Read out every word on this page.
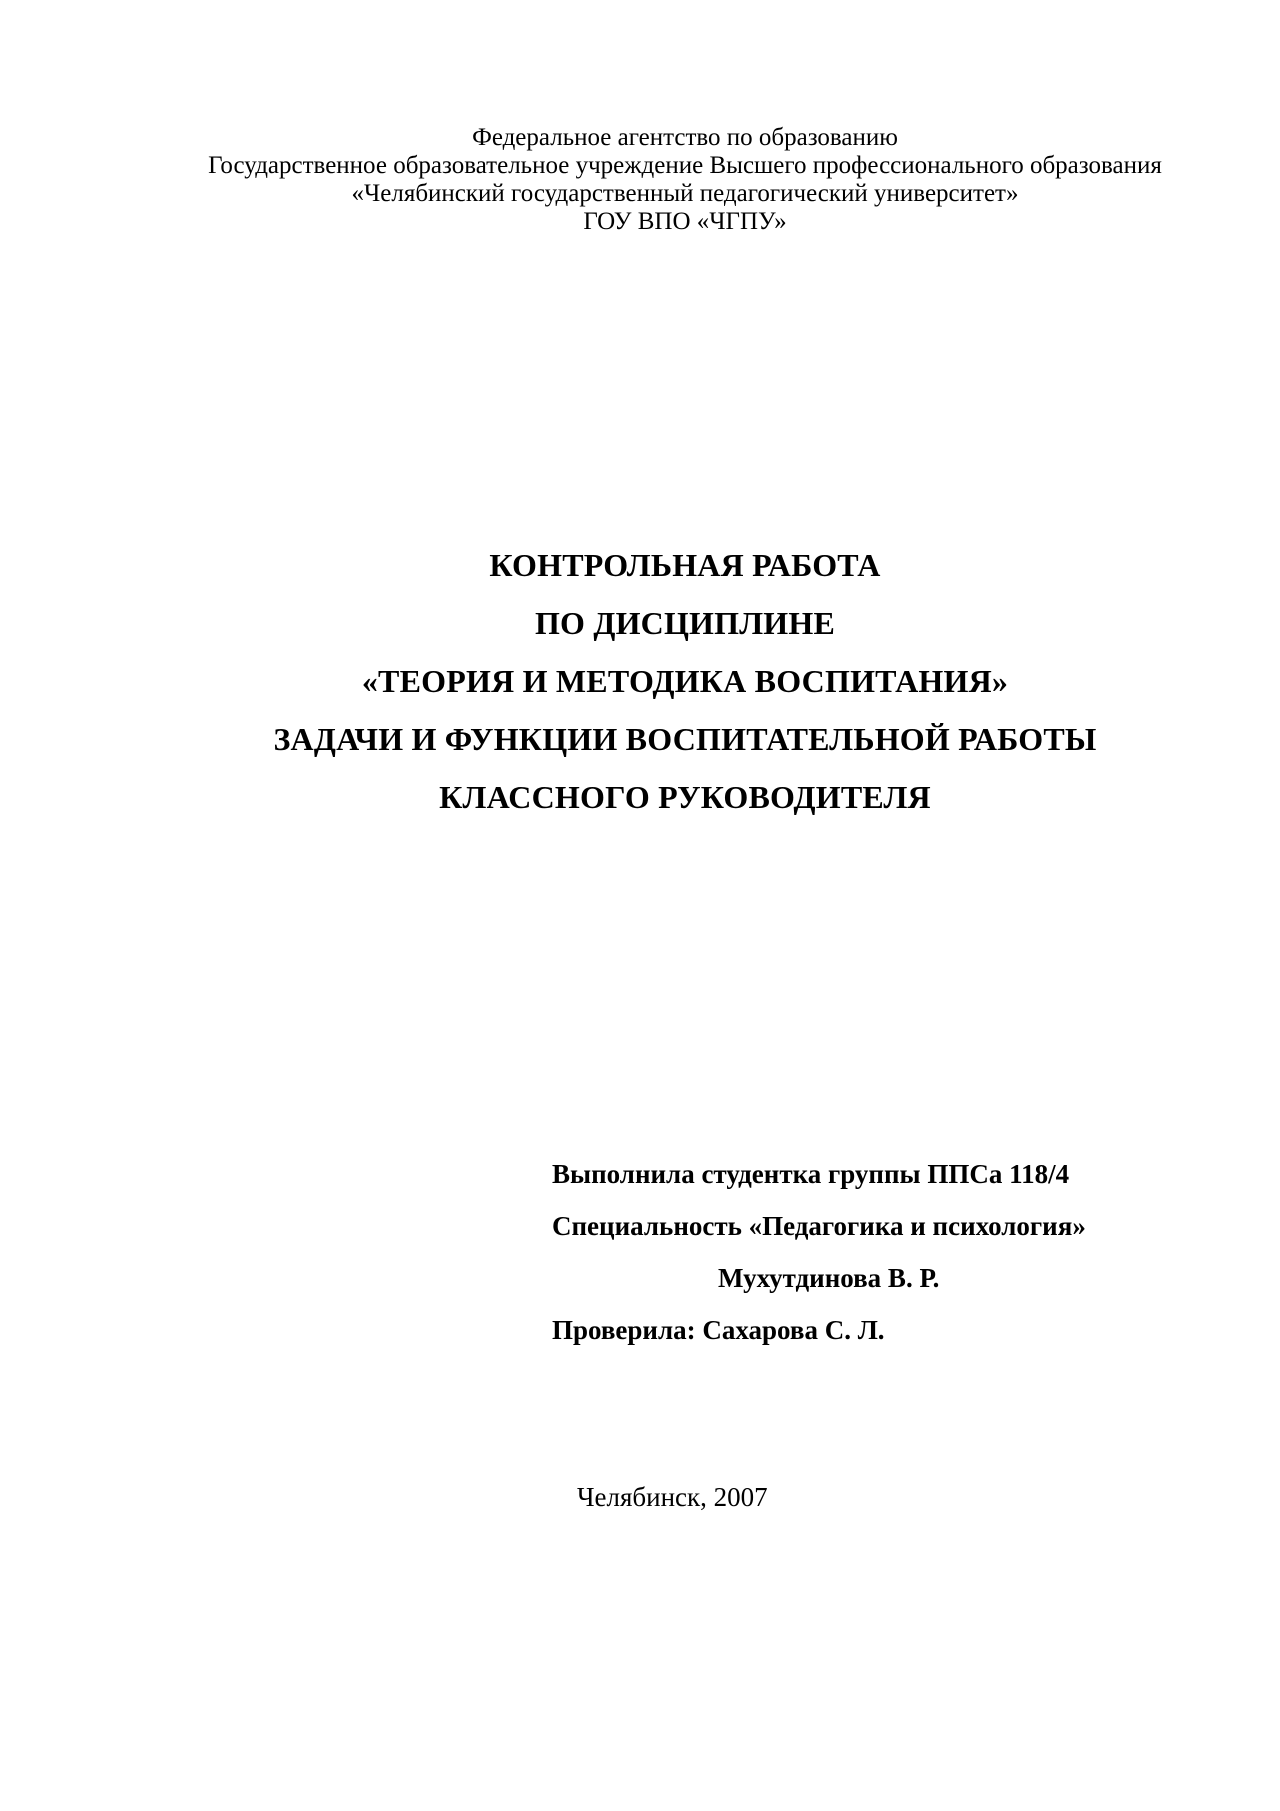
Федеральное агентство по образованию
Государственное образовательное учреждение Высшего профессионального образования
«Челябинский государственный педагогический университет»
ГОУ ВПО «ЧГПУ»
КОНТРОЛЬНАЯ РАБОТА
ПО ДИСЦИПЛИНЕ
«ТЕОРИЯ И МЕТОДИКА ВОСПИТАНИЯ»
ЗАДАЧИ И ФУНКЦИИ ВОСПИТАТЕЛЬНОЙ РАБОТЫ
КЛАССНОГО РУКОВОДИТЕЛЯ
Выполнила студентка группы ППСа 118/4
Специальность «Педагогика и психология»
Мухутдинова В. Р.
Проверила: Сахарова С. Л.
Челябинск, 2007
